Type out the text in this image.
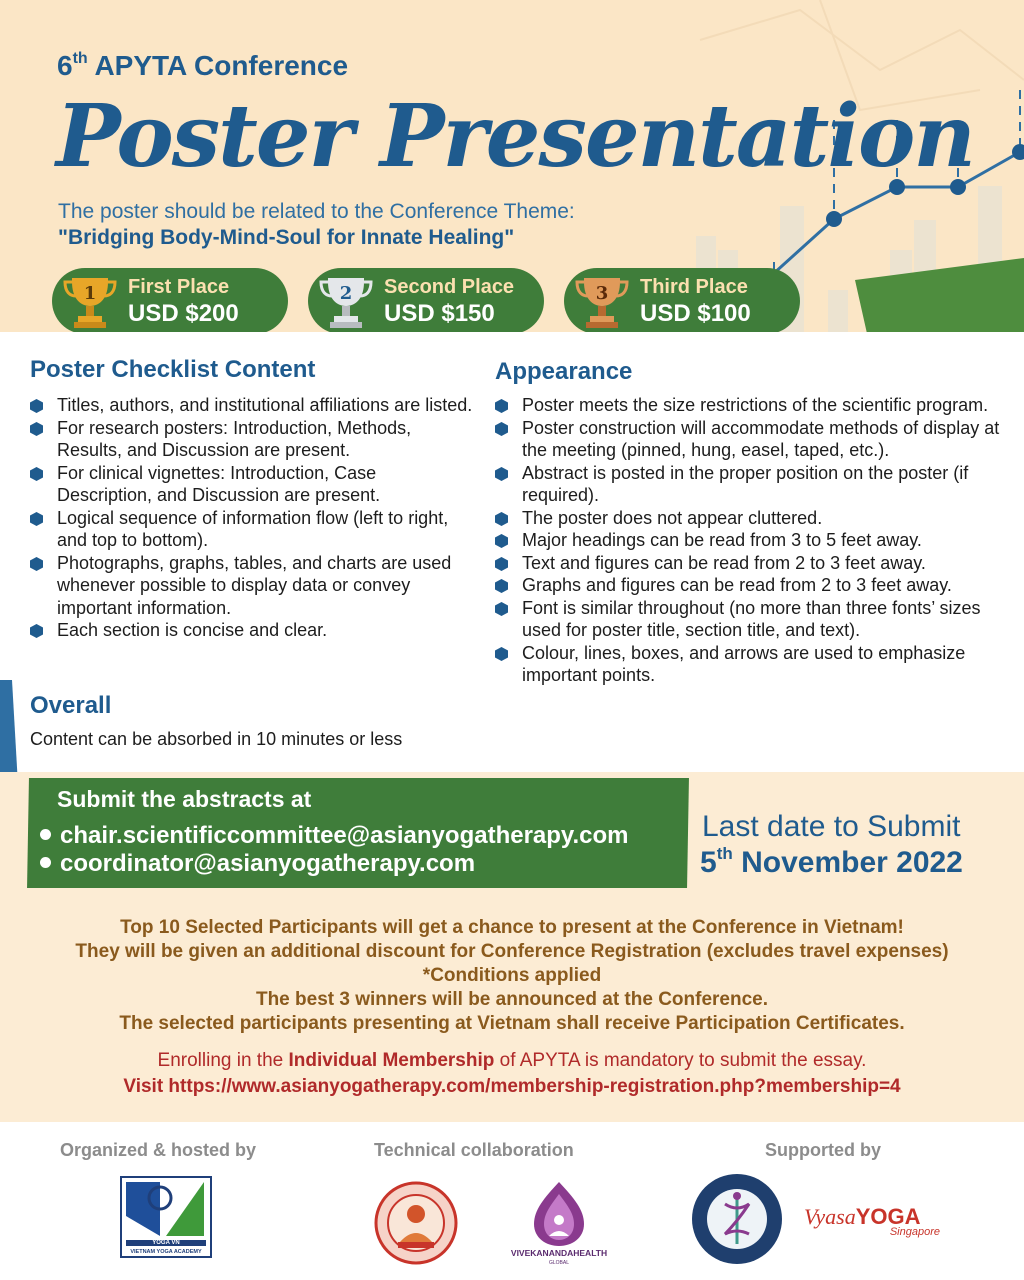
6th APYTA Conference
Poster Presentation
The poster should be related to the Conference Theme:
"Bridging Body-Mind-Soul for Innate Healing"
1 First Place
USD $200
2 Second Place
USD $150
3 Third Place
USD $100
Poster Checklist Content
Titles, authors, and institutional affiliations are listed.
For research posters: Introduction, Methods, Results, and Discussion are present.
For clinical vignettes: Introduction, Case Description, and Discussion are present.
Logical sequence of information flow (left to right, and top to bottom).
Photographs, graphs, tables, and charts are used whenever possible to display data or convey important information.
Each section is concise and clear.
Overall
Content can be absorbed in 10 minutes or less
Appearance
Poster meets the size restrictions of the scientific program.
Poster construction will accommodate methods of display at the meeting (pinned, hung, easel, taped, etc.).
Abstract is posted in the proper position on the poster (if required).
The poster does not appear cluttered.
Major headings can be read from 3 to 5 feet away.
Text and figures can be read from 2 to 3 feet away.
Graphs and figures can be read from 2 to 3 feet away.
Font is similar throughout (no more than three fonts’ sizes used for poster title, section title, and text).
Colour, lines, boxes, and arrows are used to emphasize important points.
Submit the abstracts at
chair.scientificcommittee@asianyogatherapy.com
coordinator@asianyogatherapy.com
Last date to Submit
5th November 2022

Top 10 Selected Participants will get a chance to present at the Conference in Vietnam!

They will be given an additional discount for Conference Registration (excludes travel expenses)

*Conditions applied

The best 3 winners will be announced at the Conference.

The selected participants presenting at Vietnam shall receive Participation Certificates.

Enrolling in the Individual Membership of APYTA is mandatory to submit the essay.

Visit https://www.asianyogatherapy.com/membership-registration.php?membership=4

Organized & hosted by	Technical collaboration	Supported by
YOGA VN
VIETNAM YOGA ACADEMY	VIVEKANANDAHEALTH
GLOBAL
VyasaYOGA
Singapore
